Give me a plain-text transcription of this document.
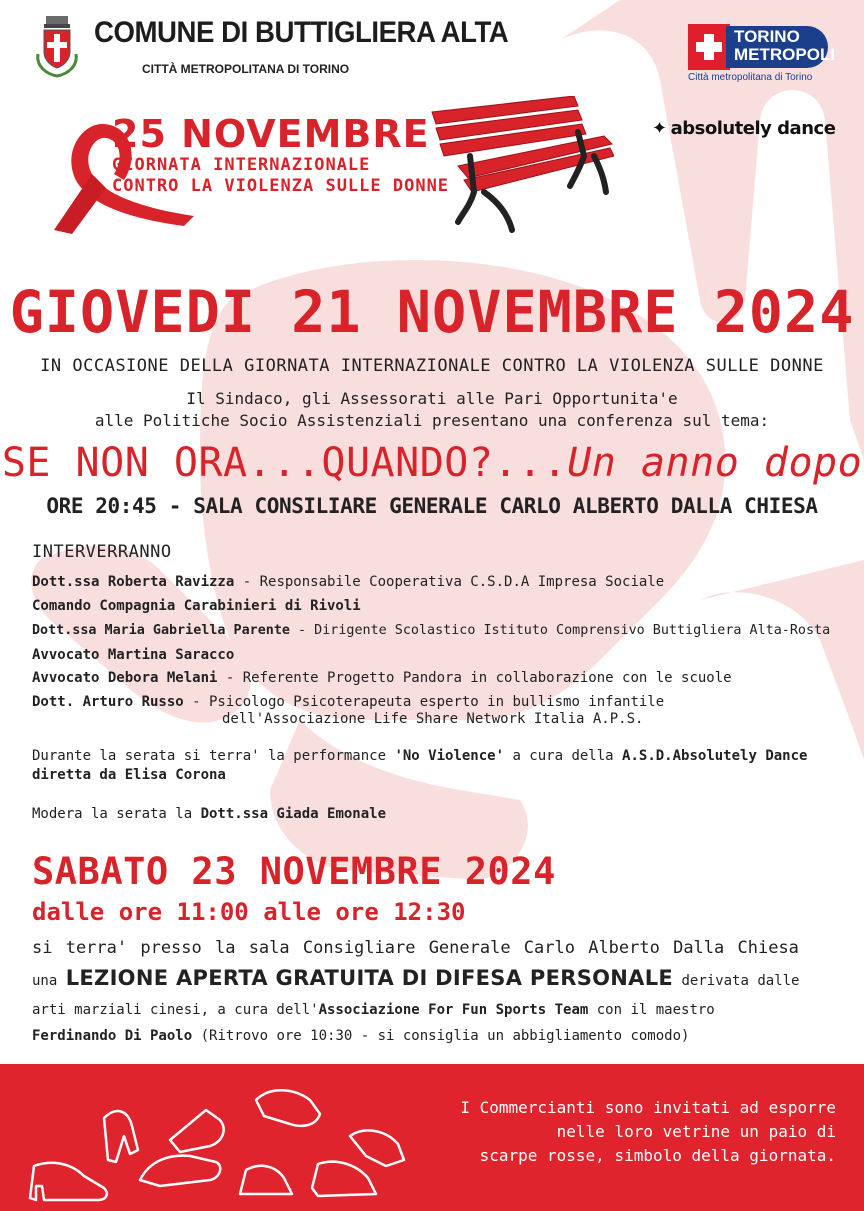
COMUNE DI BUTTIGLIERA ALTA
CITTÀ METROPOLITANA DI TORINO
TORINO
METROPOLI
Città metropolitana di Torino
25 NOVEMBRE
GIORNATA INTERNAZIONALE
CONTRO LA VIOLENZA SULLE DONNE
✦ absolutely dance
GIOVEDI 21 NOVEMBRE 2024
IN OCCASIONE DELLA GIORNATA INTERNAZIONALE CONTRO LA VIOLENZA SULLE DONNE
Il Sindaco, gli Assessorati alle Pari Opportunita'e
alle Politiche Socio Assistenziali presentano una conferenza sul tema:
SE NON ORA...QUANDO?...Un anno dopo
ORE 20:45 - SALA CONSILIARE GENERALE CARLO ALBERTO DALLA CHIESA
INTERVERRANNO
Dott.ssa Roberta Ravizza - Responsabile Cooperativa C.S.D.A Impresa Sociale
Comando Compagnia Carabinieri di Rivoli
Dott.ssa Maria Gabriella Parente - Dirigente Scolastico Istituto Comprensivo Buttigliera Alta-Rosta
Avvocato Martina Saracco
Avvocato Debora Melani - Referente Progetto Pandora in collaborazione con le scuole
Dott. Arturo Russo - Psicologo Psicoterapeuta esperto in bullismo infantile
dell'Associazione Life Share Network Italia A.P.S.
Durante la serata si terra' la performance 'No Violence' a cura della A.S.D.Absolutely Dance
diretta da Elisa Corona
Modera la serata la Dott.ssa Giada Emonale
SABATO 23 NOVEMBRE 2024
dalle ore 11:00 alle ore 12:30
si terra' presso la sala Consigliare Generale Carlo Alberto Dalla Chiesa
una LEZIONE APERTA GRATUITA DI DIFESA PERSONALE derivata dalle
arti marziali cinesi, a cura dell'Associazione For Fun Sports Team con il maestro
Ferdinando Di Paolo (Ritrovo ore 10:30 - si consiglia un abbigliamento comodo)
I Commercianti sono invitati ad esporre
nelle loro vetrine un paio di
scarpe rosse, simbolo della giornata.
